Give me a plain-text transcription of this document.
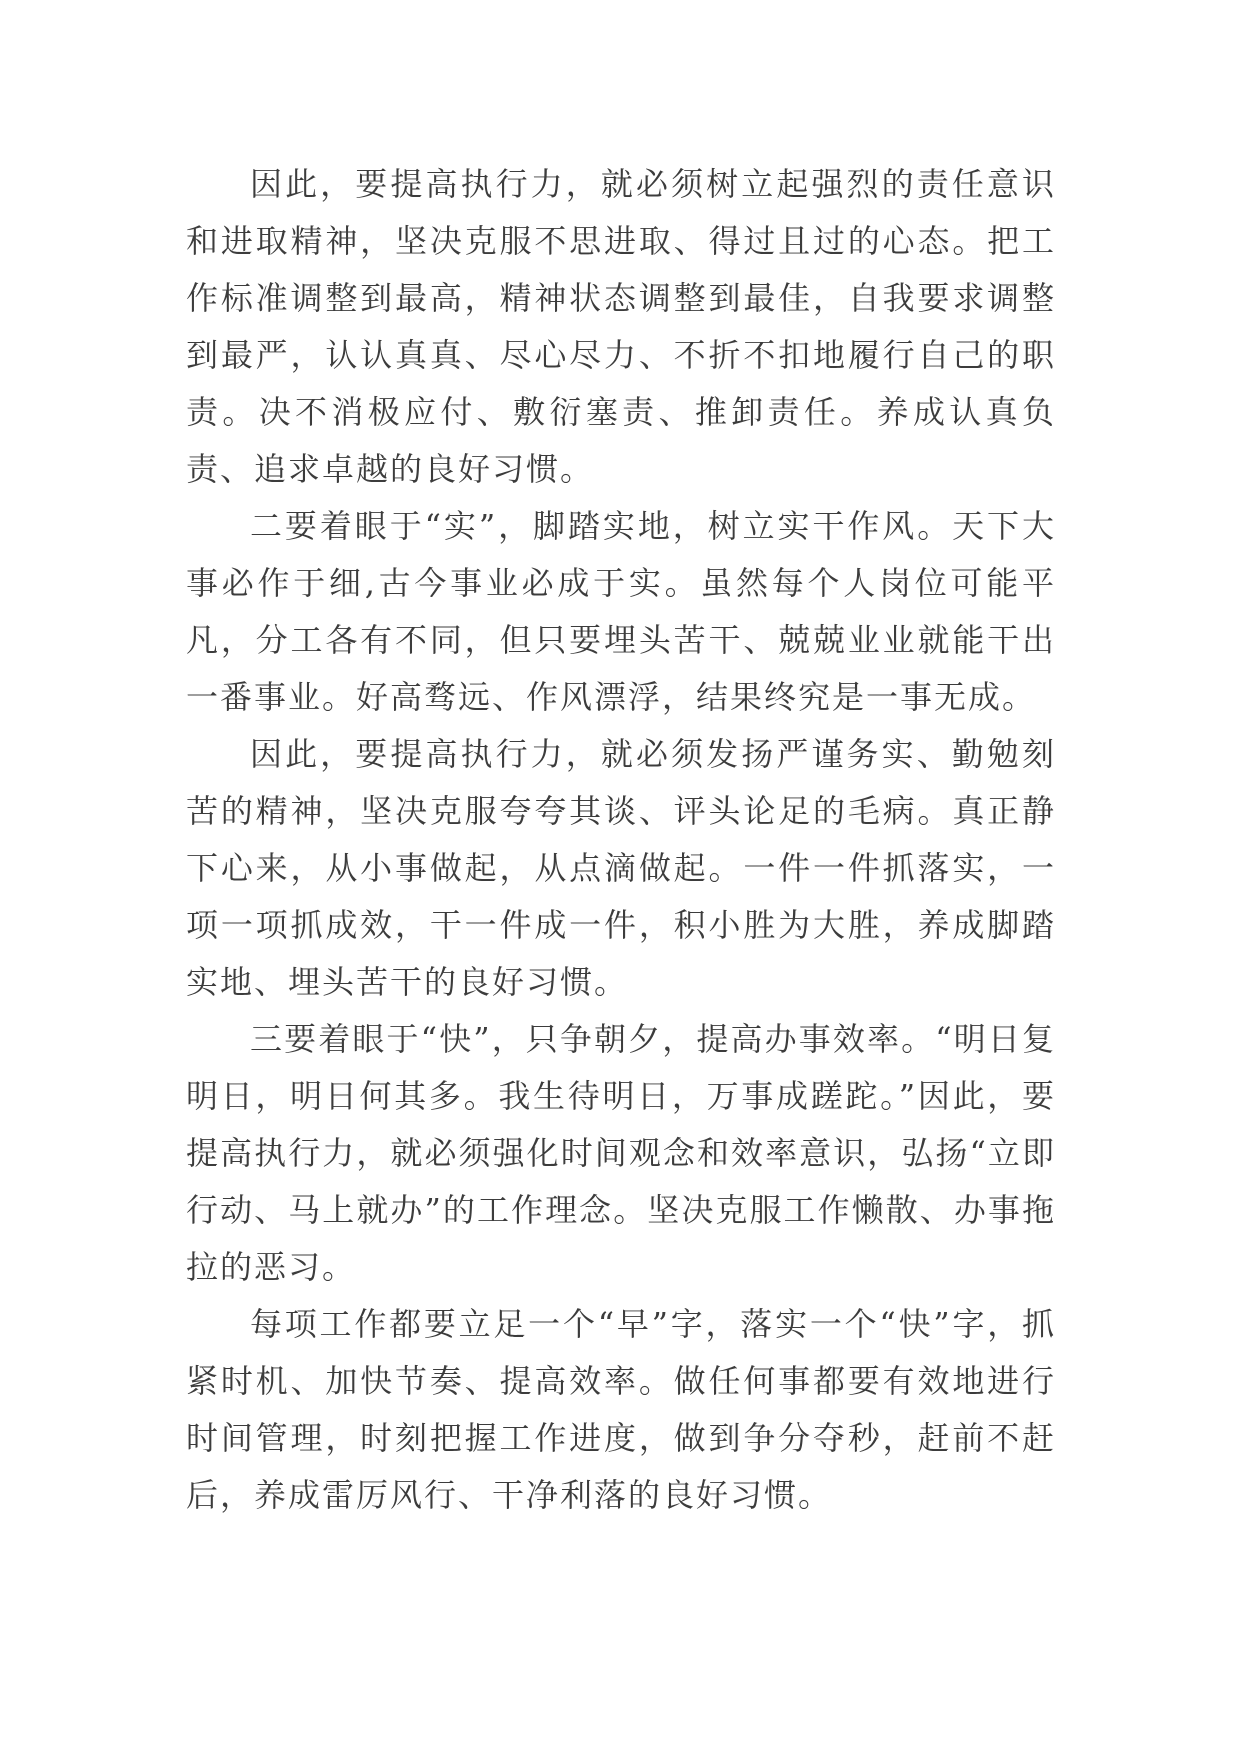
因此，要提高执行力，就必须树立起强烈的责任意识和进取精神，坚决克服不思进取、得过且过的心态。把工作标准调整到最高，精神状态调整到最佳，自我要求调整到最严，认认真真、尽心尽力、不折不扣地履行自己的职责。决不消极应付、敷衍塞责、推卸责任。养成认真负责、追求卓越的良好习惯。

二要着眼于“实”，脚踏实地，树立实干作风。天下大事必作于细,古今事业必成于实。虽然每个人岗位可能平凡，分工各有不同，但只要埋头苦干、兢兢业业就能干出一番事业。好高骛远、作风漂浮，结果终究是一事无成。

因此，要提高执行力，就必须发扬严谨务实、勤勉刻苦的精神，坚决克服夸夸其谈、评头论足的毛病。真正静下心来，从小事做起，从点滴做起。一件一件抓落实，一项一项抓成效，干一件成一件，积小胜为大胜，养成脚踏实地、埋头苦干的良好习惯。

三要着眼于“快”，只争朝夕，提高办事效率。“明日复明日，明日何其多。我生待明日，万事成蹉跎。”因此，要提高执行力，就必须强化时间观念和效率意识，弘扬“立即行动、马上就办”的工作理念。坚决克服工作懒散、办事拖拉的恶习。

每项工作都要立足一个“早”字，落实一个“快”字，抓紧时机、加快节奏、提高效率。做任何事都要有效地进行时间管理，时刻把握工作进度，做到争分夺秒，赶前不赶后，养成雷厉风行、干净利落的良好习惯。
